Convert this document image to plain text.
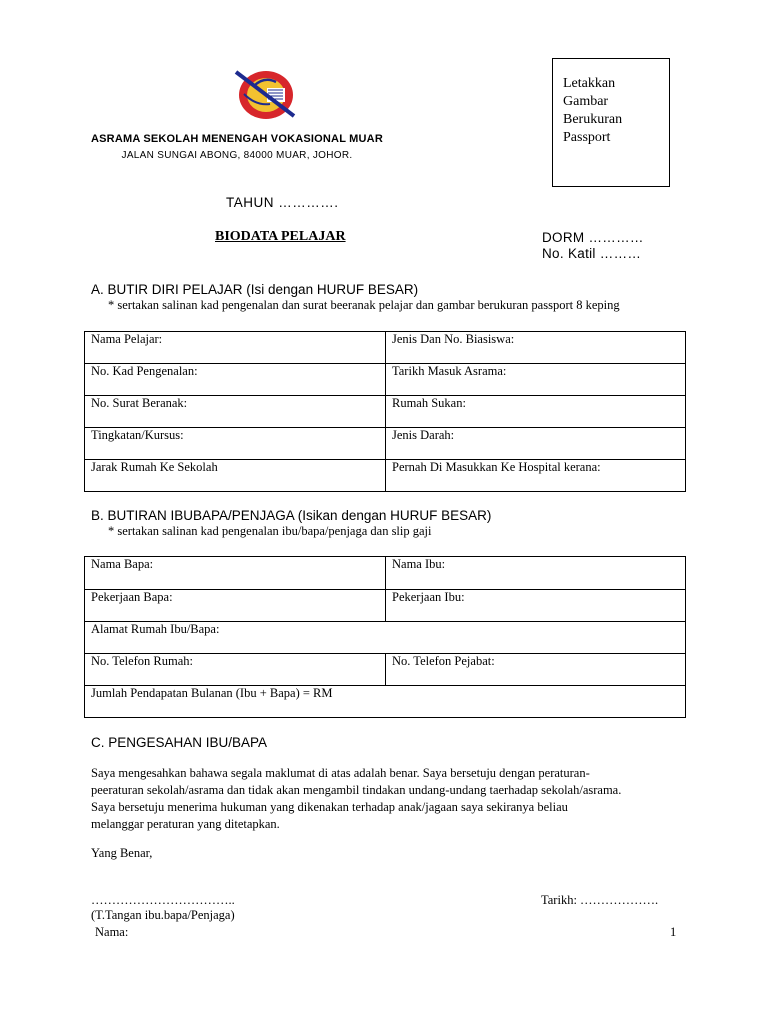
ASRAMA SEKOLAH MENENGAH VOKASIONAL MUAR
JALAN SUNGAI ABONG, 84000 MUAR, JOHOR.
Letakkan
Gambar
Berukuran
Passport
TAHUN ………….
BIODATA PELAJAR	DORM …………
No. Katil ………
A. BUTIR DIRI PELAJAR (Isi dengan HURUF BESAR)
* sertakan salinan kad pengenalan dan surat beeranak pelajar dan gambar berukuran passport 8 keping
Nama Pelajar:	Jenis Dan No. Biasiswa:
No. Kad Pengenalan:	Tarikh Masuk Asrama:
No. Surat Beranak:	Rumah Sukan:
Tingkatan/Kursus:	Jenis Darah:
Jarak Rumah Ke Sekolah	Pernah Di Masukkan Ke Hospital kerana:
B. BUTIRAN IBUBAPA/PENJAGA (Isikan dengan HURUF BESAR)
* sertakan salinan kad pengenalan ibu/bapa/penjaga dan slip gaji
Nama Bapa:	Nama Ibu:
Pekerjaan Bapa:	Pekerjaan Ibu:
Alamat Rumah Ibu/Bapa:	
No. Telefon Rumah:	No. Telefon Pejabat:
Jumlah Pendapatan Bulanan (Ibu + Bapa) = RM	
C. PENGESAHAN IBU/BAPA
Saya mengesahkan bahawa segala maklumat di atas adalah benar. Saya bersetuju dengan peraturan-
peeraturan sekolah/asrama dan tidak akan mengambil tindakan undang-undang taerhadap sekolah/asrama.
Saya bersetuju menerima hukuman yang dikenakan terhadap anak/jagaan saya sekiranya beliau
melanggar peraturan yang ditetapkan.
Yang Benar,
……………………………..
(T.Tangan ibu.bapa/Penjaga)
Nama:
Tarikh: ……………….
1
